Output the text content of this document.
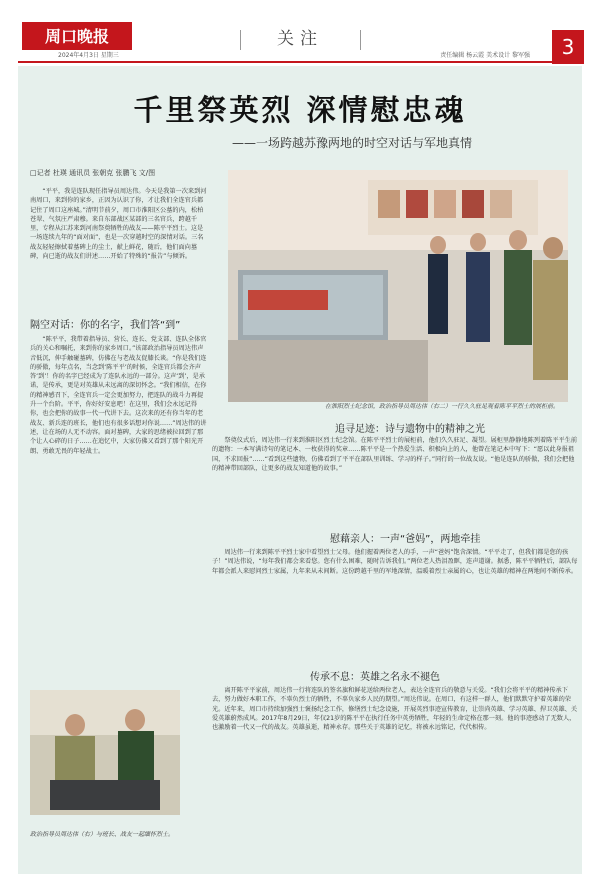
周口晚报
2024年4月3日 星期三
关注	3
责任编辑 杨云霞 美术设计 黎军强
千里祭英烈 深情慰忠魂
——一场跨越苏豫两地的时空对话与军地真情
□记者 杜瑛 通讯员 张朝克 张鹏飞 文/图

“平平，我是连队现任指导员周达伟。今天是我第一次来到河南周口，来到你的家乡，正因为认识了你，才让我们全连官兵都记住了周口这座城。”清明节前夕，周口市淮阳区公墓的内，松柏苍翠、气氛庄严肃穆。来自东部战区某部的三名官兵，跨越千里，专程从江苏来到河南祭奠牺牲的战友——陈平平烈士。这是一场连续九年的“面对面”，也是一次穿越时空的深情对话。三名战友轻轻擦拭着墓碑上的尘土，献上鲜花，随后，他们面向墓碑，向已逝的战友们讲述……开始了特殊的“报告”与倾诉。

隔空对话：你的名字，我们答“到”

“陈平平，我带着指导员、营长、连长、党支部、连队全体官兵的关心和嘱托，来到你的家乡周口。”该部政治指导员周达伟声音低沉，伸手触碰墓碑，仿佛在与老战友促膝长谈。“你是我们连的骄傲，每年点名，当念到‘陈平平’的时候，全连官兵都会齐声答‘到’！你的名字已经成为了连队永远的一部分。这声‘到’，是承诺，是传承，更是对英雄从未远离的深切怀念。“我们相信，在你的精神感召下，全连官兵一定会更加努力，把连队的战斗力再提升一个台阶。平平，你好好安息吧！在这里，我们会永远记得你，也会把你的故事一代一代讲下去。这次来的还有你当年的老战友、新兵连的班长，他们也有很多话想对你说……”周达伟的讲述，让在场的人无不动容。面对墓碑，大家的思绪被拉回到了那个让人心碎的日子……在追忆中，大家仿佛又看到了那个阳光开朗、勇敢无畏的年轻战士。

在淮阳烈士纪念馆，政治指导员周达伟（右二）一行久久驻足观看陈平平烈士的展柜前。
追寻足迹：诗与遗物中的精神之光

祭奠仪式后，周达伟一行来到淮阳区烈士纪念馆。在陈平平烈士的展柜前，他们久久驻足、凝望。展柜里静静地陈列着陈平平生前的遗物：一本写满诗句的笔记本、一枚获得的奖章……陈平平是一个热爱生活、积极向上的人，他曾在笔记本中写下：“愿以此身报祖国，不求回报”……“看到这些遗物，仿佛看到了平平在部队里训练、学习的样子。”同行的一位战友说。“他是连队的骄傲，我们会把他的精神带回部队，让更多的战友知道他的故事。”

慰藉亲人：一声“爸妈”，两地牵挂

周达伟一行来到陈平平烈士家中看望烈士父母。他们握着两位老人的手，一声“爸妈”饱含深情。“平平走了，但我们都是您的孩子！”周达伟说，“每年我们都会来看您。您有什么困难，随时告诉我们。”两位老人热泪盈眶，连声道谢。据悉，陈平平牺牲后，部队每年都会派人来慰问烈士家属，九年来从未间断。这份跨越千里的军地深情，温暖着烈士亲属的心，也让英雄的精神在两地间不断传承。

传承不息：英雄之名永不褪色

离开陈平平家前，周达伟一行将连队的签名旗和鲜花送给两位老人，表达全连官兵的敬意与关爱。“我们会将平平的精神传承下去，努力做好本职工作，不辜负烈士的牺牲，不辜负家乡人民的期望。”周达伟说。在周口，有这样一群人，他们默默守护着英雄的荣光。近年来，周口市持续加强烈士褒扬纪念工作，修缮烈士纪念设施，开展英烈事迹宣传教育，让崇尚英雄、学习英雄、捍卫英雄、关爱英雄蔚然成风。2017年8月29日，年仅21岁的陈平平在执行任务中英勇牺牲，年轻的生命定格在那一刻。他的事迹感动了无数人，也激励着一代又一代的战友。英雄虽逝，精神永存。那些关于英雄的记忆，将被永远铭记，代代相传。

政治指导员周达伟（右）与班长、战友一起缅怀烈士。
